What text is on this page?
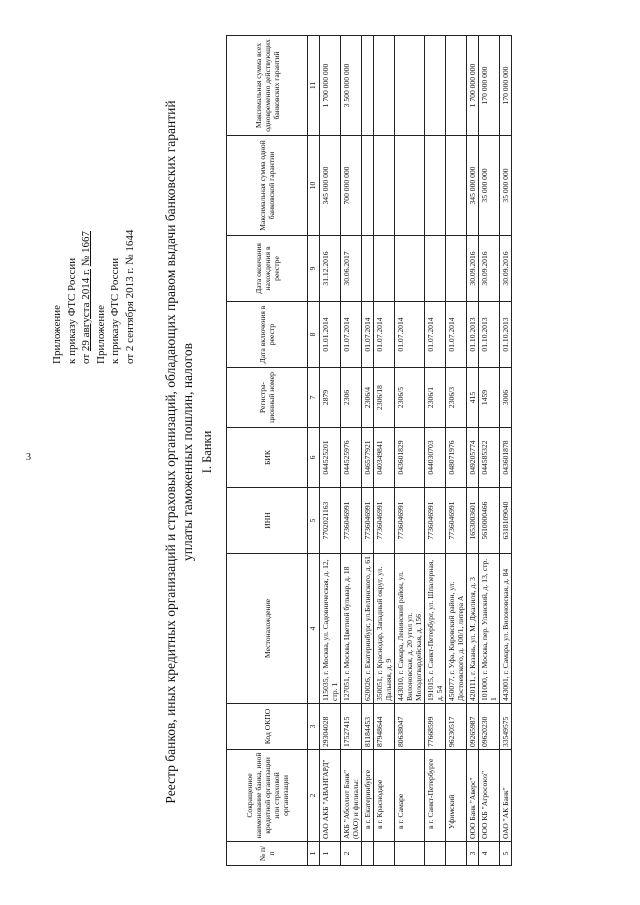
3
Приложение к приказу ФТС России от 29 августа 2014 г. № 1667
Приложение к приказу ФТС России от 2 сентября 2013 г. № 1644 Реестр банков, иных кредитных организаций и страховых организаций, обладающих правом выдачи банковских гарантий уплаты таможенных пошлин, налогов I. Банки
№ п/п	Сокращенное наименование банка, иной кредитной организации или страховой организации	Код ОКПО	Местонахождение	ИНН	БИК	Регистра-ционный номер	Дата включения в реестр	Дата окончания нахождения в реестре	Максимальная сумма одной банковской гарантии	Максимальная сумма всех одновременно действующих банковских гарантий
1	2	3	4	5	6	7	8	9	10	11
1	ОАО АКБ "АВАНГАРД"	29304028	115035, г. Москва, ул. Садовническая, д. 12, стр. 1	7702021163	044525201	2879	01.01.2014	31.12.2016	345 000 000	1 700 000 000
2	АКБ "Абсолют Банк" (ОАО) и филиалы:	17527415	127051, г. Москва, Цветной бульвар, д. 18	7736046991	044525976	2306	01.07.2014	30.06.2017	700 000 000	3 500 000 000
	в г. Екатеринбурге	81184453	620026, г. Екатеринбург, ул.Белинского, д. 61	7736046991	046577921	2306/4	01.07.2014			
	в г. Краснодаре	87948644	350051, г. Краснодар, Западный округ, ул. Дальняя, д. 9	7736046991	040349841	2306/18	01.07.2014			
	в г. Самаре	80638047	443010, г. Самара, Ленинский район, ул. Вилоновская, д. 20 угол ул. Молодогвардейская, д. 156	7736046991	043601829	2306/5	01.07.2014			
	в г. Санкт-Петербурге	77668599	191015, г. Санкт-Петербург, ул. Шпалерная, д. 54	7736046991	044030703	2306/1	01.07.2014			
	Уфимский	96230517	450077, г. Уфа, Кировский район, ул. Достоевского, д. 100/1, литера А	7736046991	048071976	2306/3	01.07.2014			
3	ООО Банк "Аверс"	09265987	420111, г. Казань, ул. М. Джалиля, д. 3	1653003601	049205774	415	01.10.2013	30.09.2016	345 000 000	1 700 000 000
4	ООО КБ "Агросоюз"	09620230	101000, г. Москва, пер. Уланский, д. 13, стр. 1	5610000466	044585322	1459	01.10.2013	30.09.2016	35 000 000	170 000 000
5	ОАО "АК Банк"	33549575	443001, г. Самара, ул. Вилоновская, д. 84	6318109040	043601878	3006	01.10.2013	30.09.2016	35 000 000	170 000 000
